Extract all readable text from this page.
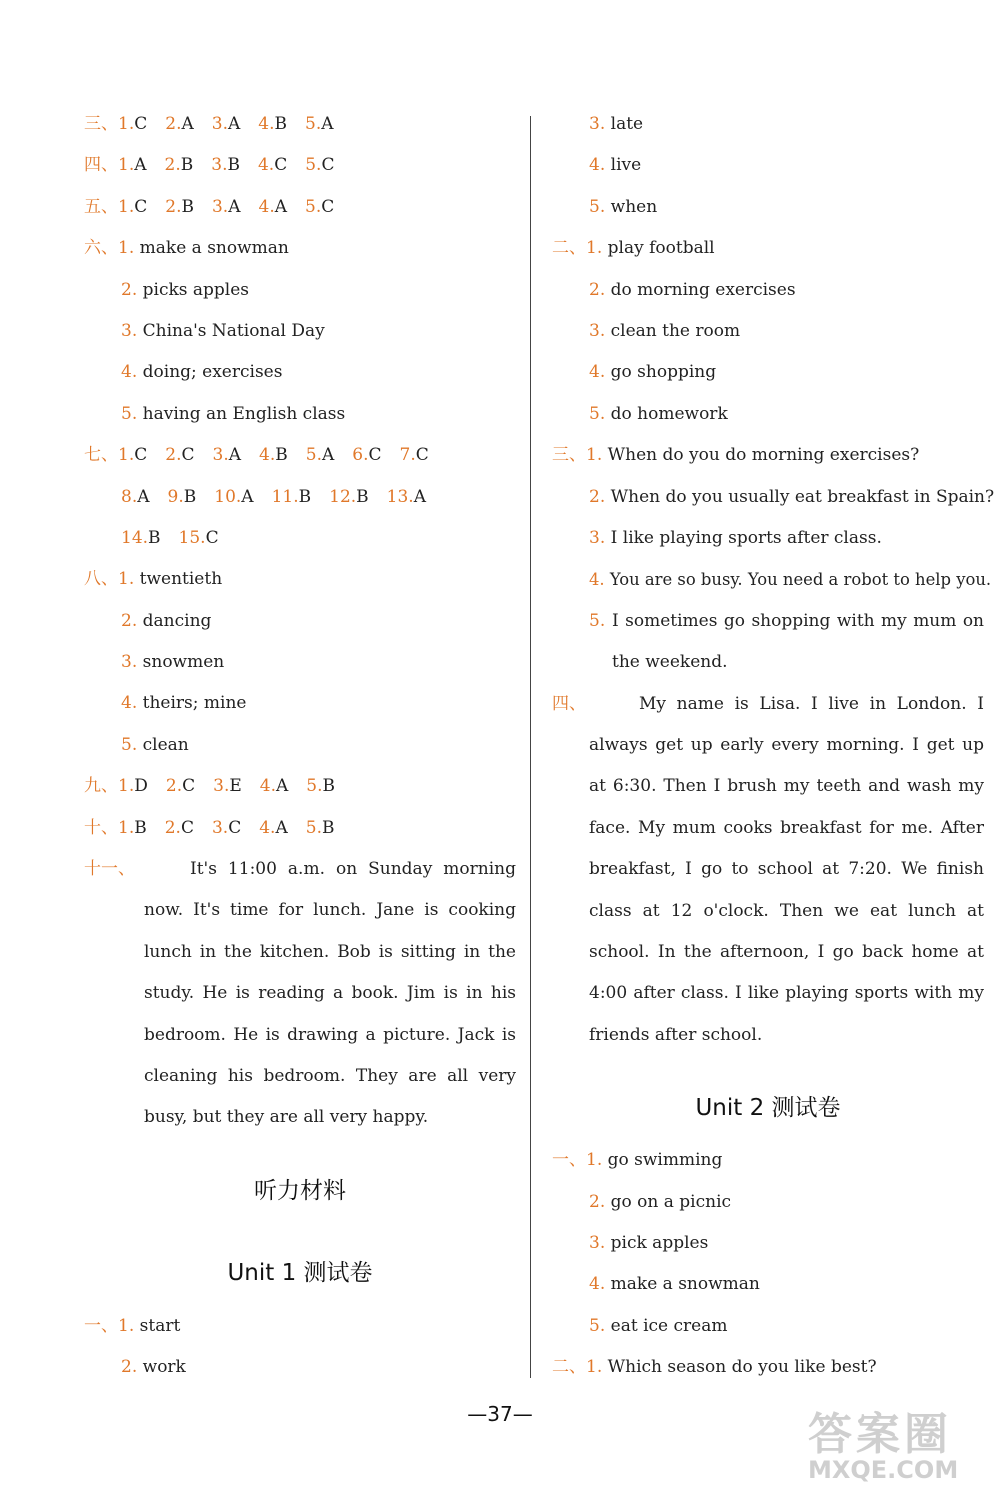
三、1.C 2.A 3.A 4.B 5.A
四、1.A 2.B 3.B 4.C 5.C
五、1.C 2.B 3.A 4.A 5.C
六、1. make a snowman
2. picks apples
3. China's National Day
4. doing; exercises
5. having an English class
七、1.C 2.C 3.A 4.B 5.A 6.C 7.C
8.A 9.B 10.A 11.B 12.B 13.A
14.B 15.C
八、1. twentieth
2. dancing
3. snowmen
4. theirs; mine
5. clean
九、1.D 2.C 3.E 4.A 5.B
十、1.B 2.C 3.C 4.A 5.B
十一、	It's 11:00 a.m. on Sunday morning now. It's time for lunch. Jane is cooking lunch in the kitchen. Bob is sitting in the study. He is reading a book. Jim is in his bedroom. He is drawing a picture. Jack is cleaning his bedroom. They are all very busy, but they are all very happy.
听力材料
Unit 1 测试卷
一、1. start
2. work
3. late
4. live
5. when
二、1. play football
2. do morning exercises
3. clean the room
4. go shopping
5. do homework
三、1. When do you do morning exercises?
2. When do you usually eat breakfast in Spain?
3. I like playing sports after class.
4. You are so busy. You need a robot to help you.
5. I sometimes go shopping with my mum on the weekend.
四、	My name is Lisa. I live in London. I always get up early every morning. I get up at 6:30. Then I brush my teeth and wash my face. My mum cooks breakfast for me. After breakfast, I go to school at 7:20. We finish class at 12 o'clock. Then we eat lunch at school. In the afternoon, I go back home at 4:00 after class. I like playing sports with my friends after school.
Unit 2 测试卷
一、1. go swimming
2. go on a picnic
3. pick apples
4. make a snowman
5. eat ice cream
二、1. Which season do you like best?
—37—	答案圈
MXQE.COM
